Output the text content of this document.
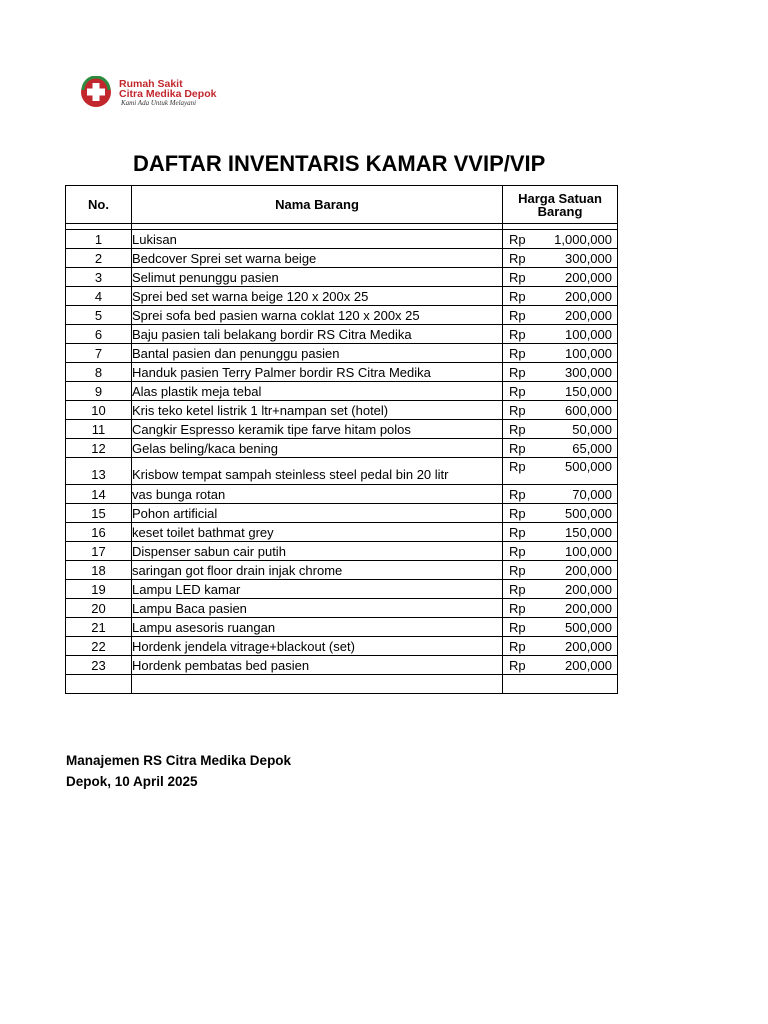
Rumah Sakit
Citra Medika Depok
Kami Ada Untuk Melayani
DAFTAR INVENTARIS KAMAR VVIP/VIP
No.	Nama Barang	Harga Satuan
Barang

1	Lukisan	Rp 1,000,000

2	Bedcover Sprei set warna beige	Rp 300,000

3	Selimut penunggu pasien	Rp 200,000

4	Sprei bed set warna beige 120 x 200x 25	Rp 200,000

5	Sprei sofa bed pasien warna coklat 120 x 200x 25	Rp 200,000

6	Baju pasien tali belakang bordir RS Citra Medika	Rp 100,000

7	Bantal pasien dan penunggu pasien	Rp 100,000

8	Handuk pasien Terry Palmer bordir RS Citra Medika	Rp 300,000

9	Alas plastik meja tebal	Rp 150,000

10	Kris teko ketel listrik 1 ltr+nampan set (hotel)	Rp 600,000

11	Cangkir Espresso keramik tipe farve hitam polos	Rp 50,000

12	Gelas beling/kaca bening	Rp 65,000

13	Krisbow tempat sampah steinless steel pedal bin 20 litr	Rp 500,000

14	vas bunga rotan	Rp 70,000

15	Pohon artificial	Rp 500,000

16	keset toilet bathmat grey	Rp 150,000

17	Dispenser sabun cair putih	Rp 100,000

18	saringan got floor drain injak chrome	Rp 200,000

19	Lampu LED kamar	Rp 200,000

20	Lampu Baca pasien	Rp 200,000

21	Lampu asesoris ruangan	Rp 500,000

22	Hordenk jendela vitrage+blackout (set)	Rp 200,000

23	Hordenk pembatas bed pasien	Rp 200,000

Manajemen RS Citra Medika Depok
Depok, 10 April 2025
